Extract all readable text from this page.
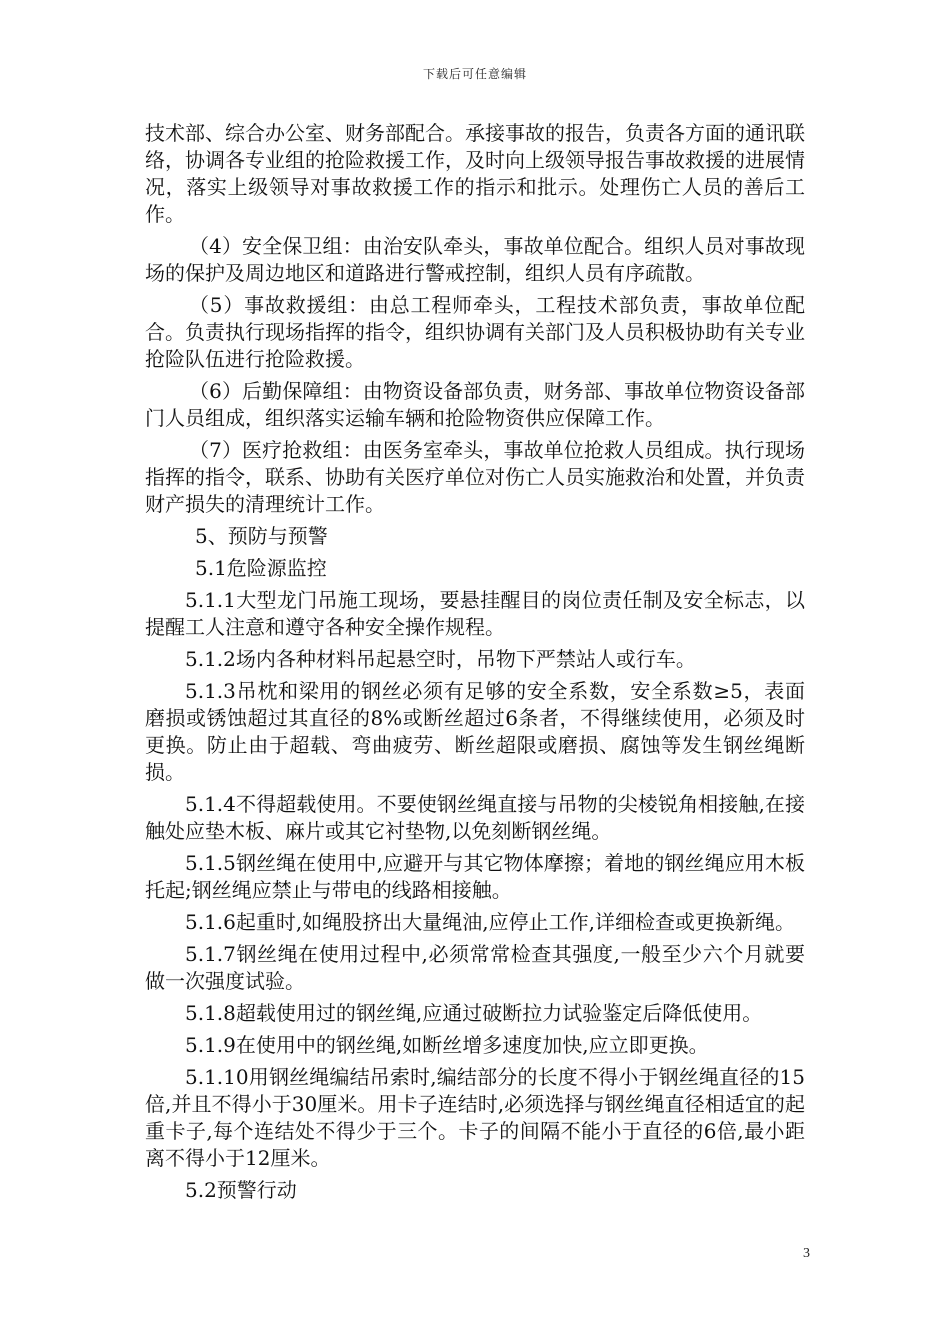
下载后可任意编辑

技术部、综合办公室、财务部配合。承接事故的报告，负责各方面的通讯联络，协调各专业组的抢险救援工作，及时向上级领导报告事故救援的进展情况，落实上级领导对事故救援工作的指示和批示。处理伤亡人员的善后工作。

（4）安全保卫组：由治安队牵头，事故单位配合。组织人员对事故现场的保护及周边地区和道路进行警戒控制，组织人员有序疏散。

（5）事故救援组：由总工程师牵头，工程技术部负责，事故单位配合。负责执行现场指挥的指令，组织协调有关部门及人员积极协助有关专业抢险队伍进行抢险救援。

（6）后勤保障组：由物资设备部负责，财务部、事故单位物资设备部门人员组成，组织落实运输车辆和抢险物资供应保障工作。

（7）医疗抢救组：由医务室牵头，事故单位抢救人员组成。执行现场指挥的指令，联系、协助有关医疗单位对伤亡人员实施救治和处置，并负责财产损失的清理统计工作。

5、预防与预警

5.1危险源监控

5.1.1大型龙门吊施工现场，要悬挂醒目的岗位责任制及安全标志，以提醒工人注意和遵守各种安全操作规程。

5.1.2场内各种材料吊起悬空时，吊物下严禁站人或行车。

5.1.3吊枕和梁用的钢丝必须有足够的安全系数，安全系数≥5，表面磨损或锈蚀超过其直径的8%或断丝超过6条者，不得继续使用，必须及时更换。防止由于超载、弯曲疲劳、断丝超限或磨损、腐蚀等发生钢丝绳断损。

5.1.4不得超载使用。不要使钢丝绳直接与吊物的尖棱锐角相接触,在接触处应垫木板、麻片或其它衬垫物,以免刻断钢丝绳。

5.1.5钢丝绳在使用中,应避开与其它物体摩擦；着地的钢丝绳应用木板托起;钢丝绳应禁止与带电的线路相接触。

5.1.6起重时,如绳股挤出大量绳油,应停止工作,详细检查或更换新绳。

5.1.7钢丝绳在使用过程中,必须常常检查其强度,一般至少六个月就要做一次强度试验。

5.1.8超载使用过的钢丝绳,应通过破断拉力试验鉴定后降低使用。

5.1.9在使用中的钢丝绳,如断丝增多速度加快,应立即更换。

5.1.10用钢丝绳编结吊索时,编结部分的长度不得小于钢丝绳直径的15倍,并且不得小于30厘米。用卡子连结时,必须选择与钢丝绳直径相适宜的起重卡子,每个连结处不得少于三个。卡子的间隔不能小于直径的6倍,最小距离不得小于12厘米。

5.2预警行动

3
